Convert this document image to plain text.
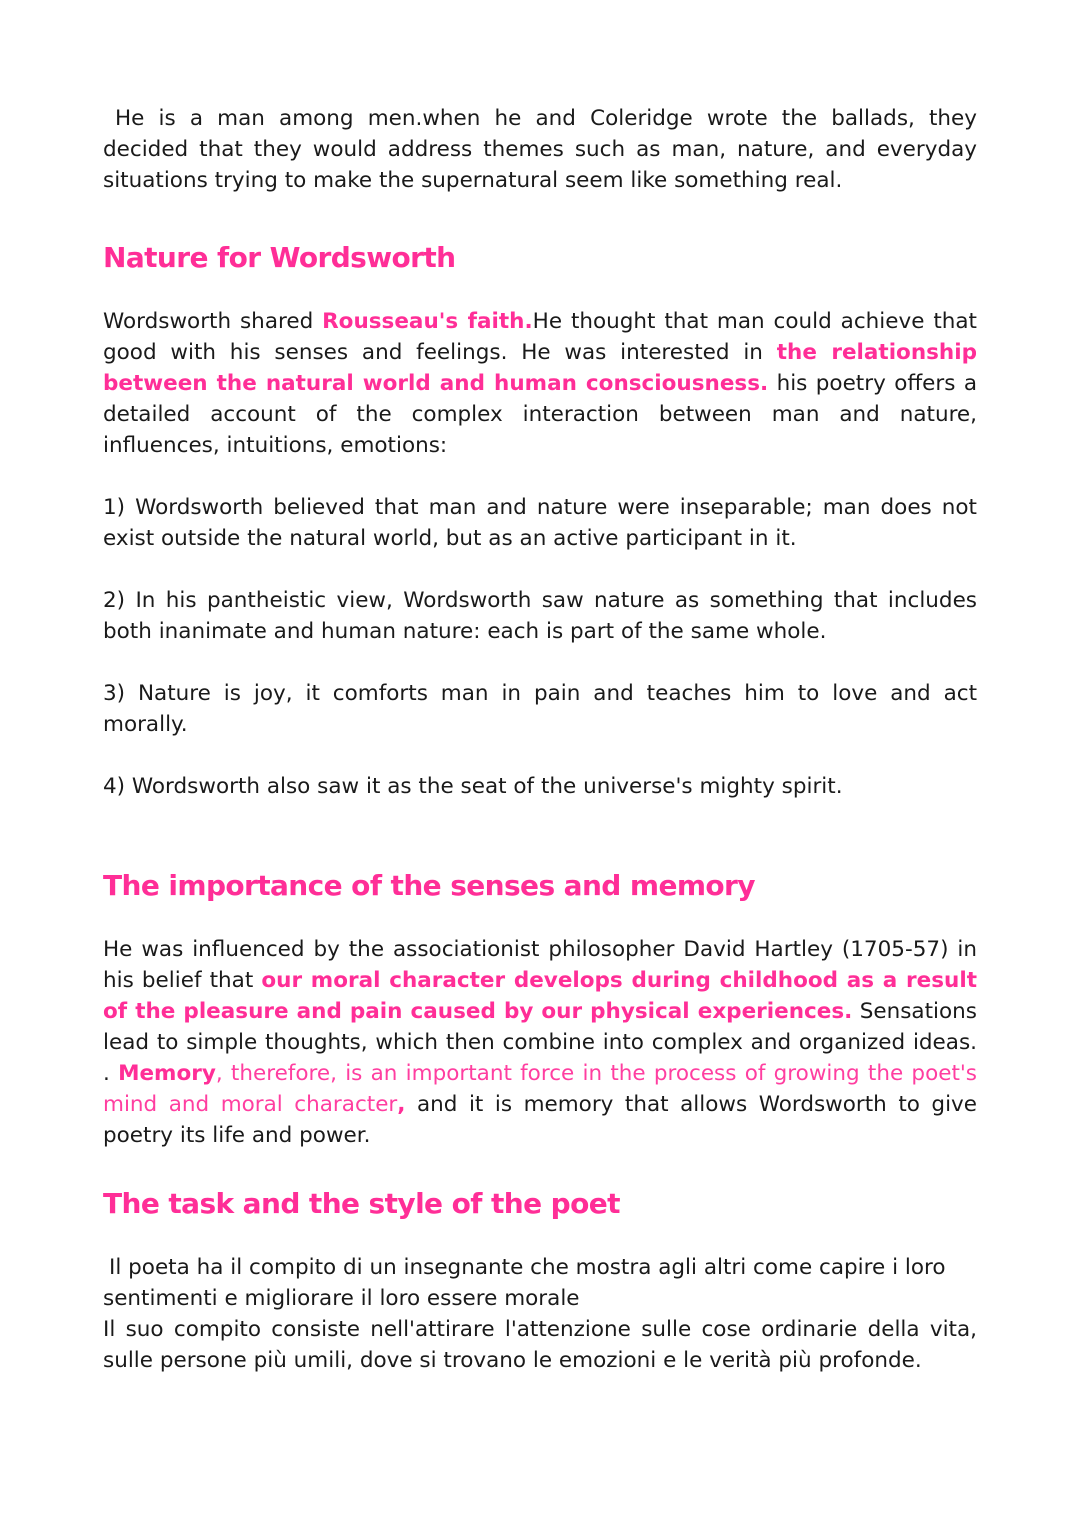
He is a man among men.when he and Coleridge wrote the ballads, they decided that they would address themes such as man, nature, and everyday situations trying to make the supernatural seem like something real.

Nature for Wordsworth

Wordsworth shared Rousseau's faith.He thought that man could achieve that good with his senses and feelings. He was interested in the relationship between the natural world and human consciousness. his poetry offers a detailed account of the complex interaction between man and nature, influences, intuitions, emotions:

1) Wordsworth believed that man and nature were inseparable; man does not exist outside the natural world, but as an active participant in it.
2) In his pantheistic view, Wordsworth saw nature as something that includes both inanimate and human nature: each is part of the same whole.
3) Nature is joy, it comforts man in pain and teaches him to love and act morally.
4) Wordsworth also saw it as the seat of the universe's mighty spirit.
The importance of the senses and memory

He was influenced by the associationist philosopher David Hartley (1705-57) in his belief that our moral character develops during childhood as a result of the pleasure and pain caused by our physical experiences. Sensations lead to simple thoughts, which then combine into complex and organized ideas. . Memory, therefore, is an important force in the process of growing the poet's mind and moral character, and it is memory that allows Wordsworth to give poetry its life and power.

The task and the style of the poet

Il poeta ha il compito di un insegnante che mostra agli altri come capire i loro sentimenti e migliorare il loro essere morale

Il suo compito consiste nell'attirare l'attenzione sulle cose ordinarie della vita, sulle persone più umili, dove si trovano le emozioni e le verità più profonde.
